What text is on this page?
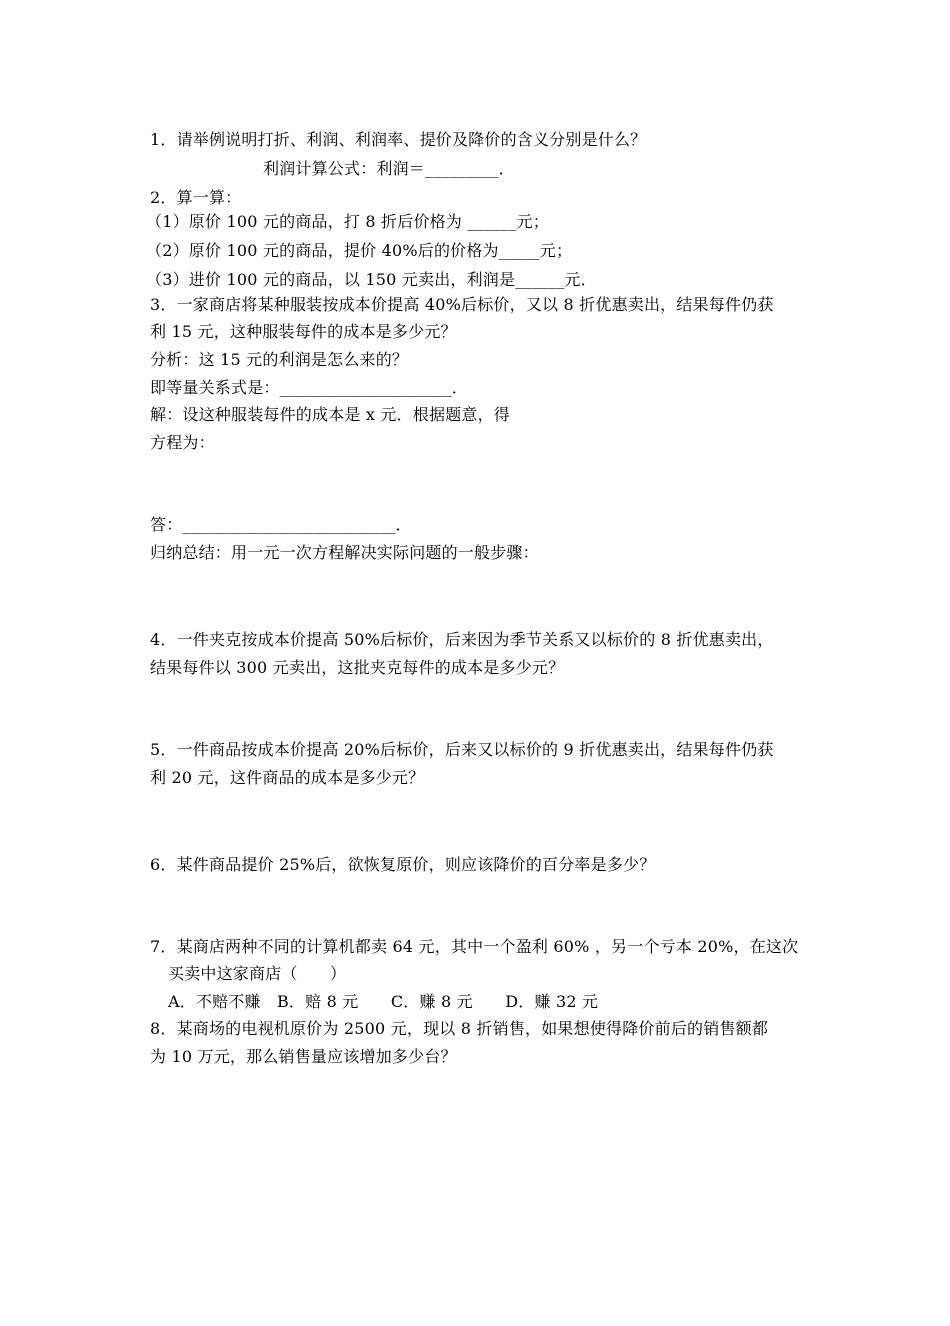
1．请举例说明打折、利润、利润率、提价及降价的含义分别是什么？
利润计算公式：利润＝_________．
2．算一算：
（1）原价 100 元的商品，打 8 折后价格为 ______元；
（2）原价 100 元的商品，提价 40%后的价格为_____元；
（3）进价 100 元的商品，以 150 元卖出，利润是______元．
3．一家商店将某种服装按成本价提高 40%后标价，又以 8 折优惠卖出，结果每件仍获
利 15 元，这种服装每件的成本是多少元？
分析：这 15 元的利润是怎么来的？
即等量关系式是：_____________________．
解：设这种服装每件的成本是 x 元．根据题意，得
方程为：
答：__________________________．
归纳总结：用一元一次方程解决实际问题的一般步骤：
4．一件夹克按成本价提高 50%后标价，后来因为季节关系又以标价的 8 折优惠卖出，
结果每件以 300 元卖出，这批夹克每件的成本是多少元？
5．一件商品按成本价提高 20%后标价，后来又以标价的 9 折优惠卖出，结果每件仍获
利 20 元，这件商品的成本是多少元？
6．某件商品提价 25%后，欲恢复原价，则应该降价的百分率是多少？
7．某商店两种不同的计算机都卖 64 元，其中一个盈利 60% ，另一个亏本 20%，在这次
买卖中这家商店（　　）
A．不赔不赚　B．赔 8 元　　C．赚 8 元　　D．赚 32 元
8．某商场的电视机原价为 2500 元，现以 8 折销售，如果想使得降价前后的销售额都
为 10 万元，那么销售量应该增加多少台？
